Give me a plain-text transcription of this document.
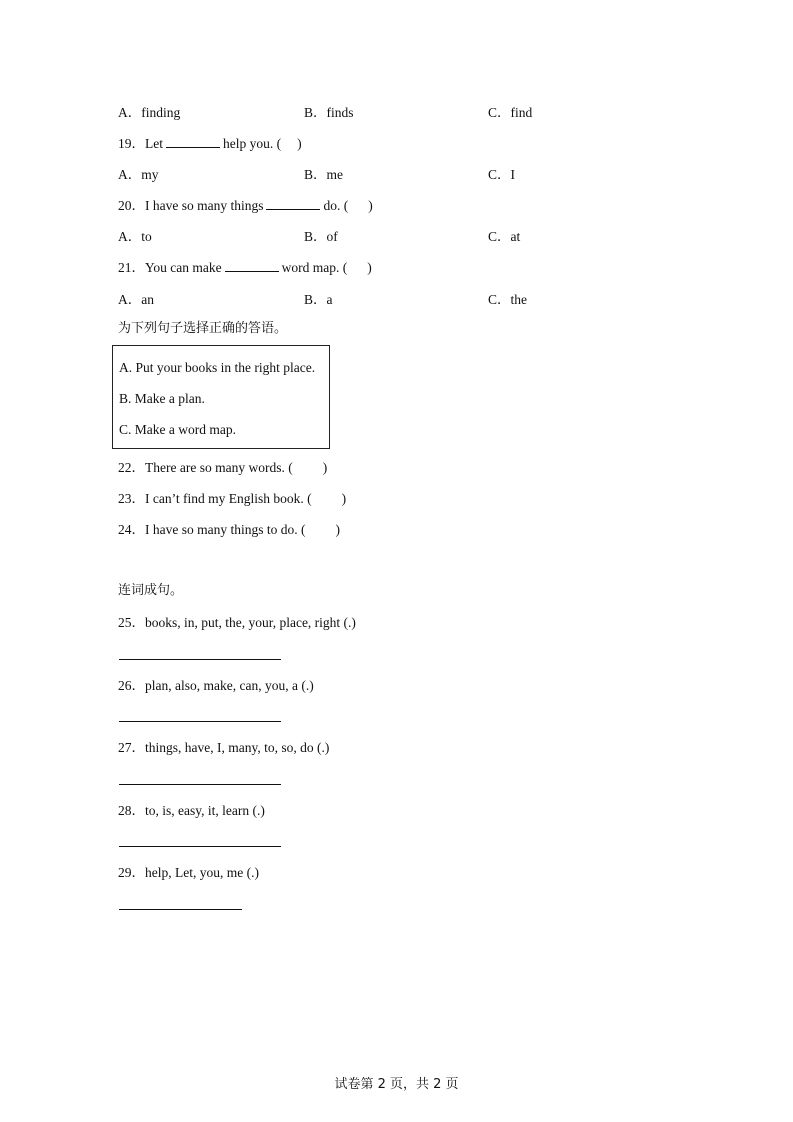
A．finding	B．finds	C．find
19．Let	help you. ( )
A．my	B．me	C．I
20．I have so many things	do. ( )
A．to	B．of	C．at
21．You can make	word map. ( )
A．an	B．a	C．the
为下列句子选择正确的答语。
A. Put your books in the right place.
B. Make a plan.
C. Make a word map.
22．There are so many words. ( )
23．I can’t find my English book. ( )
24．I have so many things to do. ( )
连词成句。
25．books, in, put, the, your, place, right (.)
26．plan, also, make, can, you, a (.)
27．things, have, I, many, to, so, do (.)
28．to, is, easy, it, learn (.)
29．help, Let, you, me (.)
试卷第 2 页，共 2 页
